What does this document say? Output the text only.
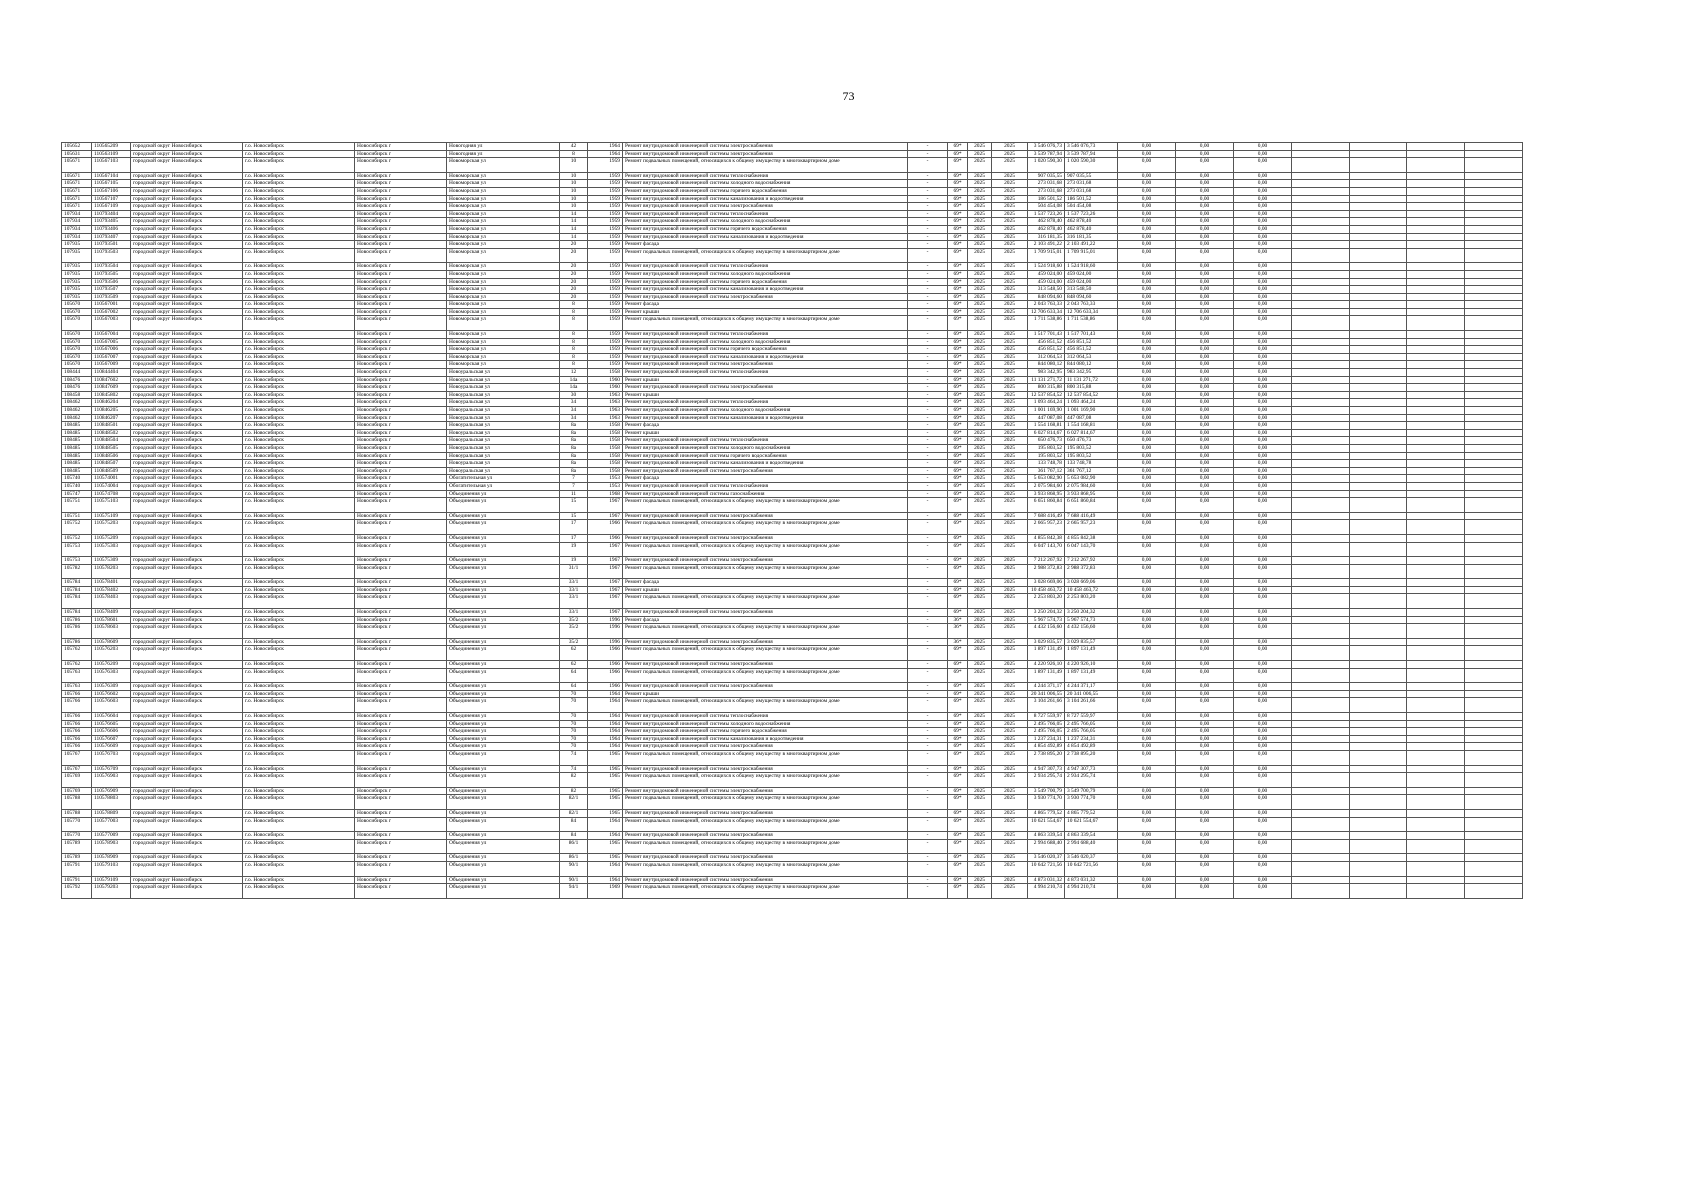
73
105652	110565209	городской округ Новосибирск	г.о. Новосибирск	Новосибирск г	Новогодняя ул	42	1964	Ремонт внутридомовой инженерной системы электроснабжения	-	69*	2025	2025	3 546 076,73	3 546 076,73	0,00	0,00	0,00				
105631	110563109	городской округ Новосибирск	г.о. Новосибирск	Новосибирск г	Новогодняя ул	8	1964	Ремонт внутридомовой инженерной системы электроснабжения	-	69*	2025	2025	3 539 787,94	3 539 787,94	0,00	0,00	0,00				
105671	110567103	городской округ Новосибирск	г.о. Новосибирск	Новосибирск г	Новоморская ул	10	1959	Ремонт подвальных помещений, относящихся к общему имуществу в многоквартирном доме	-	69*	2025	2025	1 020 590,30	1 020 590,30	0,00	0,00	0,00				
105671	110567104	городской округ Новосибирск	г.о. Новосибирск	Новосибирск г	Новоморская ул	10	1959	Ремонт внутридомовой инженерной системы теплоснабжения	-	69*	2025	2025	907 035,55	907 035,55	0,00	0,00	0,00				
105671	110567105	городской округ Новосибирск	г.о. Новосибирск	Новосибирск г	Новоморская ул	10	1959	Ремонт внутридомовой инженерной системы холодного водоснабжения	-	69*	2025	2025	273 031,68	273 031,68	0,00	0,00	0,00				
105671	110567106	городской округ Новосибирск	г.о. Новосибирск	Новосибирск г	Новоморская ул	10	1959	Ремонт внутридомовой инженерной системы горячего водоснабжения	-	69*	2025	2025	273 031,68	273 031,68	0,00	0,00	0,00				
105671	110567107	городской округ Новосибирск	г.о. Новосибирск	Новосибирск г	Новоморская ул	10	1959	Ремонт внутридомовой инженерной системы канализования и водоотведения	-	69*	2025	2025	186 501,52	186 501,52	0,00	0,00	0,00				
105671	110567109	городской округ Новосибирск	г.о. Новосибирск	Новосибирск г	Новоморская ул	10	1959	Ремонт внутридомовой инженерной системы электроснабжения	-	69*	2025	2025	504 454,08	504 454,08	0,00	0,00	0,00				
107934	110793404	городской округ Новосибирск	г.о. Новосибирск	Новосибирск г	Новоморская ул	14	1959	Ремонт внутридомовой инженерной системы теплоснабжения	-	69*	2025	2025	1 537 723,26	1 537 723,26	0,00	0,00	0,00				
107934	110793405	городской округ Новосибирск	г.о. Новосибирск	Новосибирск г	Новоморская ул	14	1959	Ремонт внутридомовой инженерной системы холодного водоснабжения	-	69*	2025	2025	462 878,40	462 878,40	0,00	0,00	0,00				
107934	110793406	городской округ Новосибирск	г.о. Новосибирск	Новосибирск г	Новоморская ул	14	1959	Ремонт внутридомовой инженерной системы горячего водоснабжения	-	69*	2025	2025	462 878,40	462 878,40	0,00	0,00	0,00				
107934	110793407	городской округ Новосибирск	г.о. Новосибирск	Новосибирск г	Новоморская ул	14	1959	Ремонт внутридомовой инженерной системы канализования и водоотведения	-	69*	2025	2025	316 181,35	316 181,35	0,00	0,00	0,00				
107935	110793501	городской округ Новосибирск	г.о. Новосибирск	Новосибирск г	Новоморская ул	20	1959	Ремонт фасада	-	69*	2025	2025	2 103 491,22	2 103 491,22	0,00	0,00	0,00				
107935	110793503	городской округ Новосибирск	г.о. Новосибирск	Новосибирск г	Новоморская ул	20	1959	Ремонт подвальных помещений, относящихся к общему имуществу в многоквартирном доме	-	69*	2025	2025	1 709 915,01	1 709 915,01	0,00	0,00	0,00				
107935	110793504	городской округ Новосибирск	г.о. Новосибирск	Новосибирск г	Новоморская ул	20	1959	Ремонт внутридомовой инженерной системы теплоснабжения	-	69*	2025	2025	1 524 918,60	1 524 918,60	0,00	0,00	0,00				
107935	110793505	городской округ Новосибирск	г.о. Новосибирск	Новосибирск г	Новоморская ул	20	1959	Ремонт внутридомовой инженерной системы холодного водоснабжения	-	69*	2025	2025	459 024,00	459 024,00	0,00	0,00	0,00				
107935	110793506	городской округ Новосибирск	г.о. Новосибирск	Новосибирск г	Новоморская ул	20	1959	Ремонт внутридомовой инженерной системы горячего водоснабжения	-	69*	2025	2025	459 024,00	459 024,00	0,00	0,00	0,00				
107935	110793507	городской округ Новосибирск	г.о. Новосибирск	Новосибирск г	Новоморская ул	20	1959	Ремонт внутридомовой инженерной системы канализования и водоотведения	-	69*	2025	2025	313 548,50	313 548,50	0,00	0,00	0,00				
107935	110793509	городской округ Новосибирск	г.о. Новосибирск	Новосибирск г	Новоморская ул	20	1959	Ремонт внутридомовой инженерной системы электроснабжения	-	69*	2025	2025	848 094,60	848 094,60	0,00	0,00	0,00				
105670	110567001	городской округ Новосибирск	г.о. Новосибирск	Новосибирск г	Новоморская ул	8	1959	Ремонт фасада	-	69*	2025	2025	2 043 763,33	2 043 763,33	0,00	0,00	0,00				
105670	110567002	городской округ Новосибирск	г.о. Новосибирск	Новосибирск г	Новоморская ул	8	1959	Ремонт крыши	-	69*	2025	2025	12 706 633,34	12 706 633,34	0,00	0,00	0,00				
105670	110567003	городской округ Новосибирск	г.о. Новосибирск	Новосибирск г	Новоморская ул	8	1959	Ремонт подвальных помещений, относящихся к общему имуществу в многоквартирном доме	-	69*	2025	2025	1 711 538,86	1 711 538,86	0,00	0,00	0,00				
105670	110567004	городской округ Новосибирск	г.о. Новосибирск	Новосибирск г	Новоморская ул	8	1959	Ремонт внутридомовой инженерной системы теплоснабжения	-	69*	2025	2025	1 517 701,43	1 517 701,43	0,00	0,00	0,00				
105670	110567005	городской округ Новосибирск	г.о. Новосибирск	Новосибирск г	Новоморская ул	8	1959	Ремонт внутридомовой инженерной системы холодного водоснабжения	-	69*	2025	2025	456 851,52	456 851,52	0,00	0,00	0,00				
105670	110567006	городской округ Новосибирск	г.о. Новосибирск	Новосибирск г	Новоморская ул	8	1959	Ремонт внутридомовой инженерной системы горячего водоснабжения	-	69*	2025	2025	456 851,52	456 851,52	0,00	0,00	0,00				
105670	110567007	городской округ Новосибирск	г.о. Новосибирск	Новосибирск г	Новоморская ул	8	1959	Ремонт внутридомовой инженерной системы канализования и водоотведения	-	69*	2025	2025	312 064,53	312 064,53	0,00	0,00	0,00				
105670	110567009	городской округ Новосибирск	г.о. Новосибирск	Новосибирск г	Новоморская ул	8	1959	Ремонт внутридомовой инженерной системы электроснабжения	-	69*	2025	2025	844 080,12	844 080,12	0,00	0,00	0,00				
108444	110844404	городской округ Новосибирск	г.о. Новосибирск	Новосибирск г	Новоуральская ул	12	1958	Ремонт внутридомовой инженерной системы теплоснабжения	-	69*	2025	2025	983 342,95	983 342,95	0,00	0,00	0,00				
108476	110847602	городской округ Новосибирск	г.о. Новосибирск	Новосибирск г	Новоуральская ул	14а	1960	Ремонт крыши	-	69*	2025	2025	11 131 271,72	11 131 271,72	0,00	0,00	0,00				
108476	110847609	городской округ Новосибирск	г.о. Новосибирск	Новосибирск г	Новоуральская ул	14а	1960	Ремонт внутридомовой инженерной системы электроснабжения	-	69*	2025	2025	800 315,88	800 315,88	0,00	0,00	0,00				
108458	110845802	городской округ Новосибирск	г.о. Новосибирск	Новосибирск г	Новоуральская ул	30	1963	Ремонт крыши	-	69*	2025	2025	12 537 854,52	12 537 854,52	0,00	0,00	0,00				
108462	110846204	городской округ Новосибирск	г.о. Новосибирск	Новосибирск г	Новоуральская ул	34	1963	Ремонт внутридомовой инженерной системы теплоснабжения	-	69*	2025	2025	1 093 464,24	1 093 464,24	0,00	0,00	0,00				
108462	110846205	городской округ Новосибирск	г.о. Новосибирск	Новосибирск г	Новоуральская ул	34	1963	Ремонт внутридомовой инженерной системы холодного водоснабжения	-	69*	2025	2025	1 001 169,90	1 001 169,90	0,00	0,00	0,00				
108462	110846207	городской округ Новосибирск	г.о. Новосибирск	Новосибирск г	Новоуральская ул	34	1963	Ремонт внутридомовой инженерной системы канализования и водоотведения	-	69*	2025	2025	447 087,08	447 087,08	0,00	0,00	0,00				
108485	110848501	городской округ Новосибирск	г.о. Новосибирск	Новосибирск г	Новоуральская ул	8а	1958	Ремонт фасада	-	69*	2025	2025	1 554 168,81	1 554 168,81	0,00	0,00	0,00				
108485	110848502	городской округ Новосибирск	г.о. Новосибирск	Новосибирск г	Новоуральская ул	8а	1958	Ремонт крыши	-	69*	2025	2025	6 027 814,67	6 027 814,67	0,00	0,00	0,00				
108485	110848504	городской округ Новосибирск	г.о. Новосибирск	Новосибирск г	Новоуральская ул	8а	1958	Ремонт внутридомовой инженерной системы теплоснабжения	-	69*	2025	2025	650 476,73	650 476,73	0,00	0,00	0,00				
108485	110848505	городской округ Новосибирск	г.о. Новосибирск	Новосибирск г	Новоуральская ул	8а	1958	Ремонт внутридомовой инженерной системы холодного водоснабжения	-	69*	2025	2025	195 803,52	195 803,52	0,00	0,00	0,00				
108485	110848506	городской округ Новосибирск	г.о. Новосибирск	Новосибирск г	Новоуральская ул	8а	1958	Ремонт внутридомовой инженерной системы горячего водоснабжения	-	69*	2025	2025	195 803,52	195 803,52	0,00	0,00	0,00				
108485	110848507	городской округ Новосибирск	г.о. Новосибирск	Новосибирск г	Новоуральская ул	8а	1958	Ремонт внутридомовой инженерной системы канализования и водоотведения	-	69*	2025	2025	133 748,78	133 748,78	0,00	0,00	0,00				
108485	110848509	городской округ Новосибирск	г.о. Новосибирск	Новосибирск г	Новоуральская ул	8а	1958	Ремонт внутридомовой инженерной системы электроснабжения	-	69*	2025	2025	361 767,12	361 767,12	0,00	0,00	0,00				
105740	110574001	городской округ Новосибирск	г.о. Новосибирск	Новосибирск г	Обогатительная ул	7	1953	Ремонт фасада	-	69*	2025	2025	5 653 082,90	5 653 082,90	0,00	0,00	0,00				
105740	110574004	городской округ Новосибирск	г.о. Новосибирск	Новосибирск г	Обогатительная ул	7	1953	Ремонт внутридомовой инженерной системы теплоснабжения	-	69*	2025	2025	2 075 984,60	2 075 984,60	0,00	0,00	0,00				
105747	110574708	городской округ Новосибирск	г.о. Новосибирск	Новосибирск г	Объединения ул	11	1968	Ремонт внутридомовой инженерной системы газоснабжения	-	69*	2025	2025	3 933 868,95	3 933 868,95	0,00	0,00	0,00				
105751	110575103	городской округ Новосибирск	г.о. Новосибирск	Новосибирск г	Объединения ул	15	1967	Ремонт подвальных помещений, относящихся к общему имуществу в многоквартирном доме	-	69*	2025	2025	6 651 860,84	6 651 860,84	0,00	0,00	0,00				
105751	110575109	городской округ Новосибирск	г.о. Новосибирск	Новосибирск г	Объединения ул	15	1967	Ремонт внутридомовой инженерной системы электроснабжения	-	69*	2025	2025	7 688 416,49	7 688 416,49	0,00	0,00	0,00				
105752	110575203	городской округ Новосибирск	г.о. Новосибирск	Новосибирск г	Объединения ул	17	1966	Ремонт подвальных помещений, относящихся к общему имуществу в многоквартирном доме	-	69*	2025	2025	2 665 957,23	2 665 957,23	0,00	0,00	0,00				
105752	110575209	городской округ Новосибирск	г.о. Новосибирск	Новосибирск г	Объединения ул	17	1966	Ремонт внутридомовой инженерной системы электроснабжения	-	69*	2025	2025	4 855 842,38	4 855 842,38	0,00	0,00	0,00				
105753	110575303	городской округ Новосибирск	г.о. Новосибирск	Новосибирск г	Объединения ул	19	1967	Ремонт подвальных помещений, относящихся к общему имуществу в многоквартирном доме	-	69*	2025	2025	6 047 143,70	6 047 143,70	0,00	0,00	0,00				
105753	110575309	городской округ Новосибирск	г.о. Новосибирск	Новосибирск г	Объединения ул	19	1967	Ремонт внутридомовой инженерной системы электроснабжения	-	69*	2025	2025	7 212 267,92	7 212 267,92	0,00	0,00	0,00				
105782	110578203	городской округ Новосибирск	г.о. Новосибирск	Новосибирск г	Объединения ул	31/1	1967	Ремонт подвальных помещений, относящихся к общему имуществу в многоквартирном доме	-	69*	2025	2025	2 988 372,83	2 988 372,83	0,00	0,00	0,00				
105784	110578401	городской округ Новосибирск	г.о. Новосибирск	Новосибирск г	Объединения ул	33/1	1967	Ремонт фасада	-	69*	2025	2025	3 028 669,06	3 028 669,06	0,00	0,00	0,00				
105784	110578402	городской округ Новосибирск	г.о. Новосибирск	Новосибирск г	Объединения ул	33/1	1967	Ремонт крыши	-	69*	2025	2025	10 458 463,72	10 458 463,72	0,00	0,00	0,00				
105784	110578403	городской округ Новосибирск	г.о. Новосибирск	Новосибирск г	Объединения ул	33/1	1967	Ремонт подвальных помещений, относящихся к общему имуществу в многоквартирном доме	-	69*	2025	2025	2 253 803,20	2 253 803,20	0,00	0,00	0,00				
105784	110578409	городской округ Новосибирск	г.о. Новосибирск	Новосибирск г	Объединения ул	33/1	1967	Ремонт внутридомовой инженерной системы электроснабжения	-	69*	2025	2025	3 250 204,32	3 250 204,32	0,00	0,00	0,00				
105786	110578601	городской округ Новосибирск	г.о. Новосибирск	Новосибирск г	Объединения ул	35/2	1996	Ремонт фасада	-	36*	2025	2025	5 967 574,73	5 967 574,73	0,00	0,00	0,00				
105786	110578603	городской округ Новосибирск	г.о. Новосибирск	Новосибирск г	Объединения ул	35/2	1996	Ремонт подвальных помещений, относящихся к общему имуществу в многоквартирном доме	-	36*	2025	2025	4 432 156,60	4 432 156,60	0,00	0,00	0,00				
105786	110578609	городской округ Новосибирск	г.о. Новосибирск	Новосибирск г	Объединения ул	35/2	1996	Ремонт внутридомовой инженерной системы электроснабжения	-	36*	2025	2025	3 029 835,57	3 029 835,57	0,00	0,00	0,00				
105762	110576203	городской округ Новосибирск	г.о. Новосибирск	Новосибирск г	Объединения ул	62	1966	Ремонт подвальных помещений, относящихся к общему имуществу в многоквартирном доме	-	69*	2025	2025	1 897 131,49	1 897 131,49	0,00	0,00	0,00				
105762	110576209	городской округ Новосибирск	г.о. Новосибирск	Новосибирск г	Объединения ул	62	1966	Ремонт внутридомовой инженерной системы электроснабжения	-	69*	2025	2025	4 220 926,10	4 220 926,10	0,00	0,00	0,00				
105763	110576303	городской округ Новосибирск	г.о. Новосибирск	Новосибирск г	Объединения ул	64	1966	Ремонт подвальных помещений, относящихся к общему имуществу в многоквартирном доме	-	69*	2025	2025	1 897 131,49	1 897 131,49	0,00	0,00	0,00				
105763	110576309	городской округ Новосибирск	г.о. Новосибирск	Новосибирск г	Объединения ул	64	1966	Ремонт внутридомовой инженерной системы электроснабжения	-	69*	2025	2025	4 244 371,17	4 244 371,17	0,00	0,00	0,00				
105766	110576602	городской округ Новосибирск	г.о. Новосибирск	Новосибирск г	Объединения ул	70	1964	Ремонт крыши	-	69*	2025	2025	20 341 006,55	20 341 006,55	0,00	0,00	0,00				
105766	110576603	городской округ Новосибирск	г.о. Новосибирск	Новосибирск г	Объединения ул	70	1964	Ремонт подвальных помещений, относящихся к общему имуществу в многоквартирном доме	-	69*	2025	2025	3 104 261,66	3 104 261,66	0,00	0,00	0,00				
105766	110576604	городской округ Новосибирск	г.о. Новосибирск	Новосибирск г	Объединения ул	70	1964	Ремонт внутридомовой инженерной системы теплоснабжения	-	69*	2025	2025	8 727 559,97	8 727 559,97	0,00	0,00	0,00				
105766	110576605	городской округ Новосибирск	г.о. Новосибирск	Новосибирск г	Объединения ул	70	1964	Ремонт внутридомовой инженерной системы холодного водоснабжения	-	69*	2025	2025	2 495 766,05	2 495 766,05	0,00	0,00	0,00				
105766	110576606	городской округ Новосибирск	г.о. Новосибирск	Новосибирск г	Объединения ул	70	1964	Ремонт внутридомовой инженерной системы горячего водоснабжения	-	69*	2025	2025	2 495 766,05	2 495 766,05	0,00	0,00	0,00				
105766	110576607	городской округ Новосибирск	г.о. Новосибирск	Новосибирск г	Объединения ул	70	1964	Ремонт внутридомовой инженерной системы канализования и водоотведения	-	69*	2025	2025	1 237 234,31	1 237 234,31	0,00	0,00	0,00				
105766	110576609	городской округ Новосибирск	г.о. Новосибирск	Новосибирск г	Объединения ул	70	1964	Ремонт внутридомовой инженерной системы электроснабжения	-	69*	2025	2025	4 854 492,89	4 854 492,89	0,00	0,00	0,00				
105767	110576703	городской округ Новосибирск	г.о. Новосибирск	Новосибирск г	Объединения ул	74	1965	Ремонт подвальных помещений, относящихся к общему имуществу в многоквартирном доме	-	69*	2025	2025	2 738 895,20	2 738 895,20	0,00	0,00	0,00				
105767	110576709	городской округ Новосибирск	г.о. Новосибирск	Новосибирск г	Объединения ул	74	1965	Ремонт внутридомовой инженерной системы электроснабжения	-	69*	2025	2025	4 947 307,73	4 947 307,73	0,00	0,00	0,00				
105769	110576903	городской округ Новосибирск	г.о. Новосибирск	Новосибирск г	Объединения ул	82	1965	Ремонт подвальных помещений, относящихся к общему имуществу в многоквартирном доме	-	69*	2025	2025	2 934 295,74	2 934 295,74	0,00	0,00	0,00				
105769	110576909	городской округ Новосибирск	г.о. Новосибирск	Новосибирск г	Объединения ул	82	1965	Ремонт внутридомовой инженерной системы электроснабжения	-	69*	2025	2025	3 549 700,79	3 549 700,79	0,00	0,00	0,00				
105788	110578803	городской округ Новосибирск	г.о. Новосибирск	Новосибирск г	Объединения ул	82/1	1965	Ремонт подвальных помещений, относящихся к общему имуществу в многоквартирном доме	-	69*	2025	2025	3 930 774,70	3 930 774,70	0,00	0,00	0,00				
105788	110578809	городской округ Новосибирск	г.о. Новосибирск	Новосибирск г	Объединения ул	82/1	1965	Ремонт внутридомовой инженерной системы электроснабжения	-	69*	2025	2025	4 865 779,52	4 865 779,52	0,00	0,00	0,00				
105770	110577003	городской округ Новосибирск	г.о. Новосибирск	Новосибирск г	Объединения ул	84	1964	Ремонт подвальных помещений, относящихся к общему имуществу в многоквартирном доме	-	69*	2025	2025	10 621 554,67	10 621 554,67	0,00	0,00	0,00				
105770	110577009	городской округ Новосибирск	г.о. Новосибирск	Новосибирск г	Объединения ул	84	1964	Ремонт внутридомовой инженерной системы электроснабжения	-	69*	2025	2025	4 863 339,54	4 863 339,54	0,00	0,00	0,00				
105789	110578903	городской округ Новосибирск	г.о. Новосибирск	Новосибирск г	Объединения ул	86/1	1965	Ремонт подвальных помещений, относящихся к общему имуществу в многоквартирном доме	-	69*	2025	2025	2 994 688,40	2 994 688,40	0,00	0,00	0,00				
105789	110578909	городской округ Новосибирск	г.о. Новосибирск	Новосибирск г	Объединения ул	86/1	1965	Ремонт внутридомовой инженерной системы электроснабжения	-	69*	2025	2025	3 546 020,37	3 546 020,37	0,00	0,00	0,00				
105791	110579103	городской округ Новосибирск	г.о. Новосибирск	Новосибирск г	Объединения ул	90/1	1964	Ремонт подвальных помещений, относящихся к общему имуществу в многоквартирном доме	-	69*	2025	2025	10 642 721,56	10 642 721,56	0,00	0,00	0,00				
105791	110579109	городской округ Новосибирск	г.о. Новосибирск	Новосибирск г	Объединения ул	90/1	1964	Ремонт внутридомовой инженерной системы электроснабжения	-	69*	2025	2025	4 873 031,32	4 873 031,32	0,00	0,00	0,00				
105792	110579203	городской округ Новосибирск	г.о. Новосибирск	Новосибирск г	Объединения ул	94/1	1969	Ремонт подвальных помещений, относящихся к общему имуществу в многоквартирном доме	-	69*	2025	2025	4 994 210,74	4 994 210,74	0,00	0,00	0,00				
